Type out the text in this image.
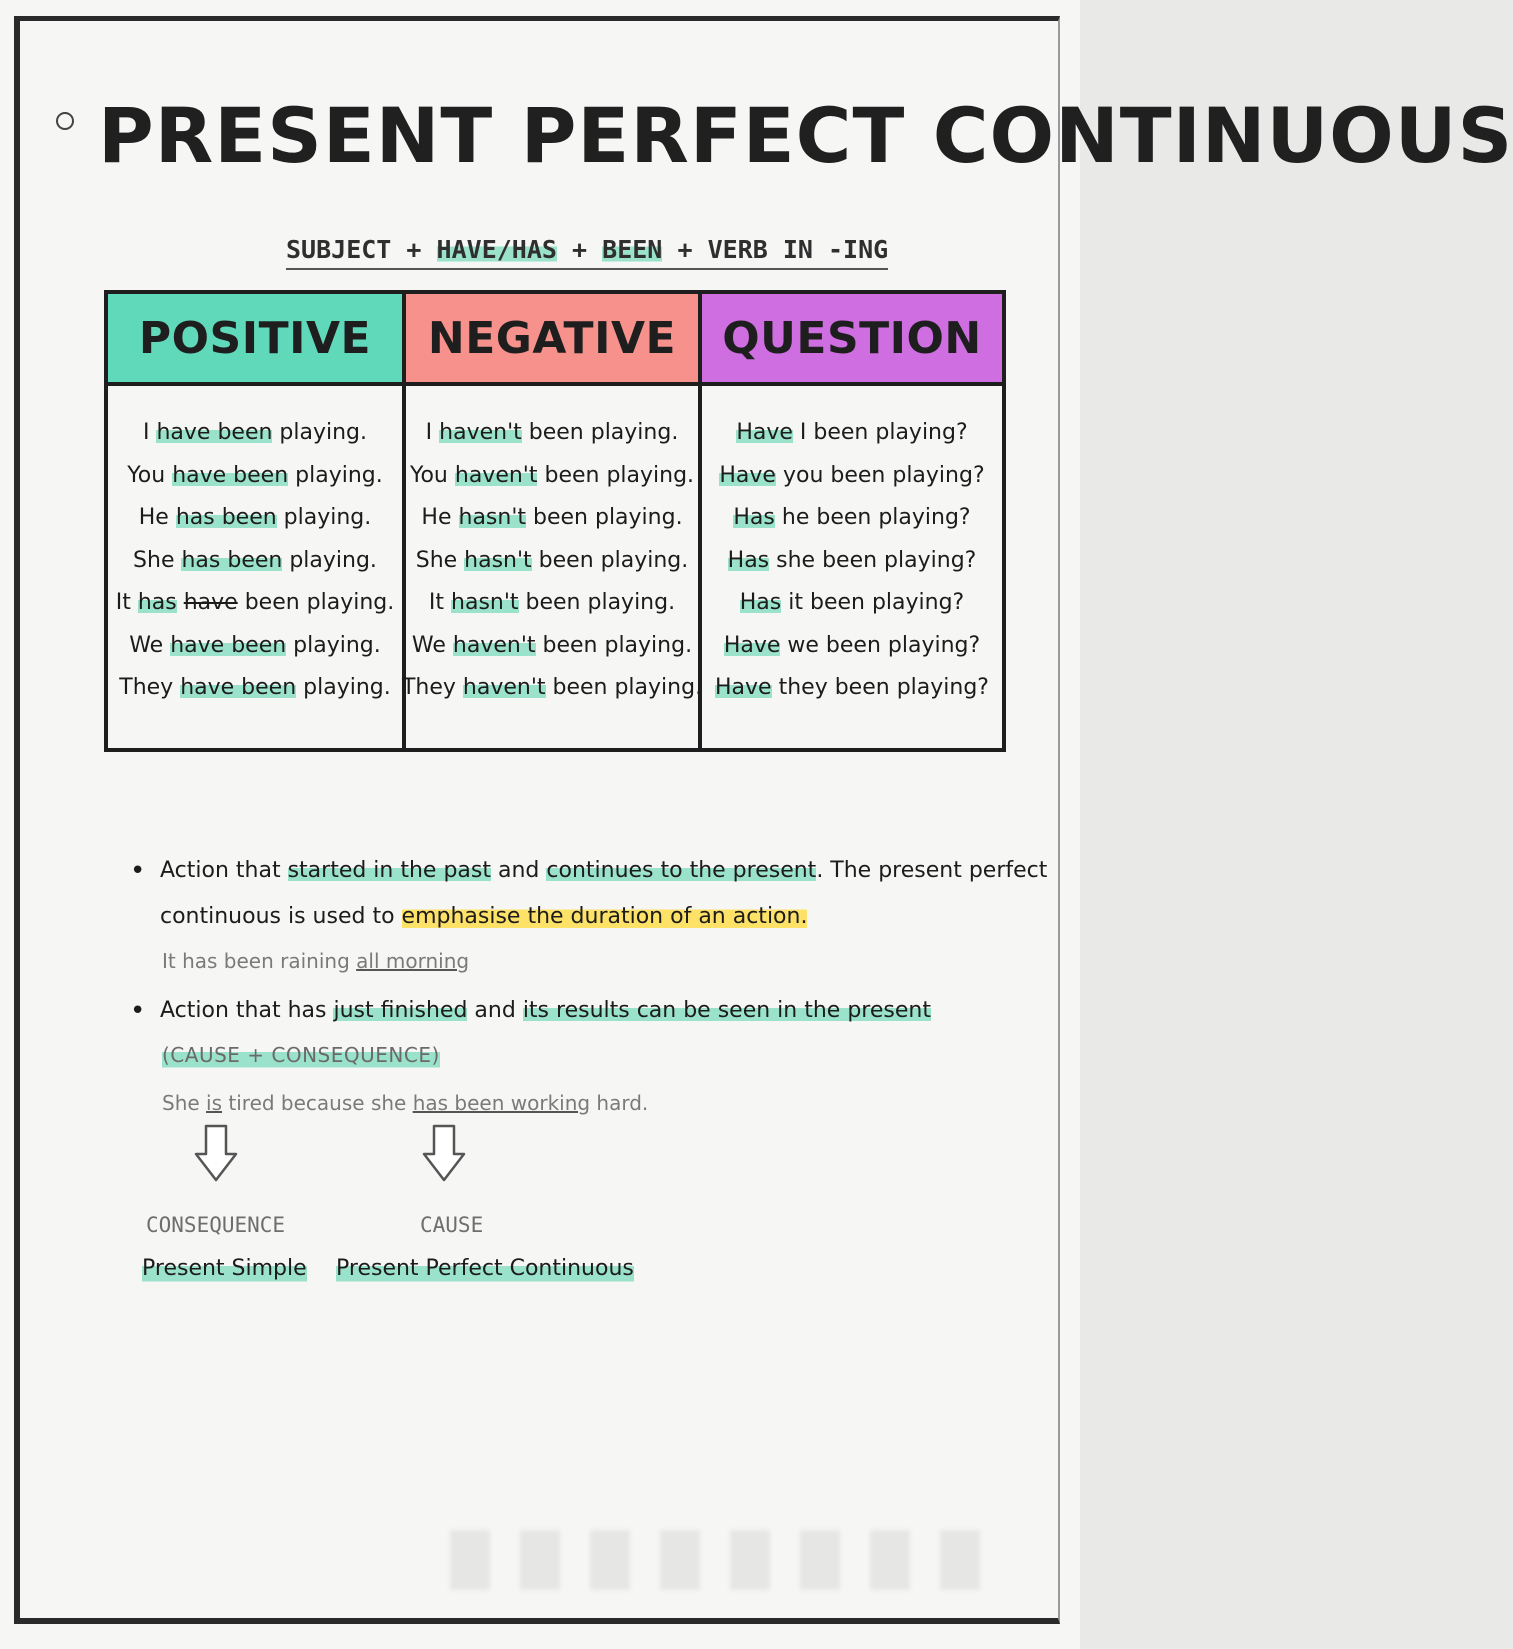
PRESENT PERFECT CONTINUOUS
SUBJECT + HAVE/HAS + BEEN + VERB IN -ING
POSITIVE
I have been playing.
You have been playing.
He has been playing.
She has been playing.
It has have been playing.
We have been playing.
They have been playing.
NEGATIVE
I haven't been playing.
You haven't been playing.
He hasn't been playing.
She hasn't been playing.
It hasn't been playing.
We haven't been playing.
They haven't been playing.
QUESTION
Have I been playing?
Have you been playing?
Has he been playing?
Has she been playing?
Has it been playing?
Have we been playing?
Have they been playing?
• Action that started in the past and continues to the present. The present perfect
continuous is used to emphasise the duration of an action.
It has been raining all morning
• Action that has just finished and its results can be seen in the present
(CAUSE + CONSEQUENCE)
She is tired because she has been working hard.
CONSEQUENCE	CAUSE
Present Simple Present Perfect Continuous
